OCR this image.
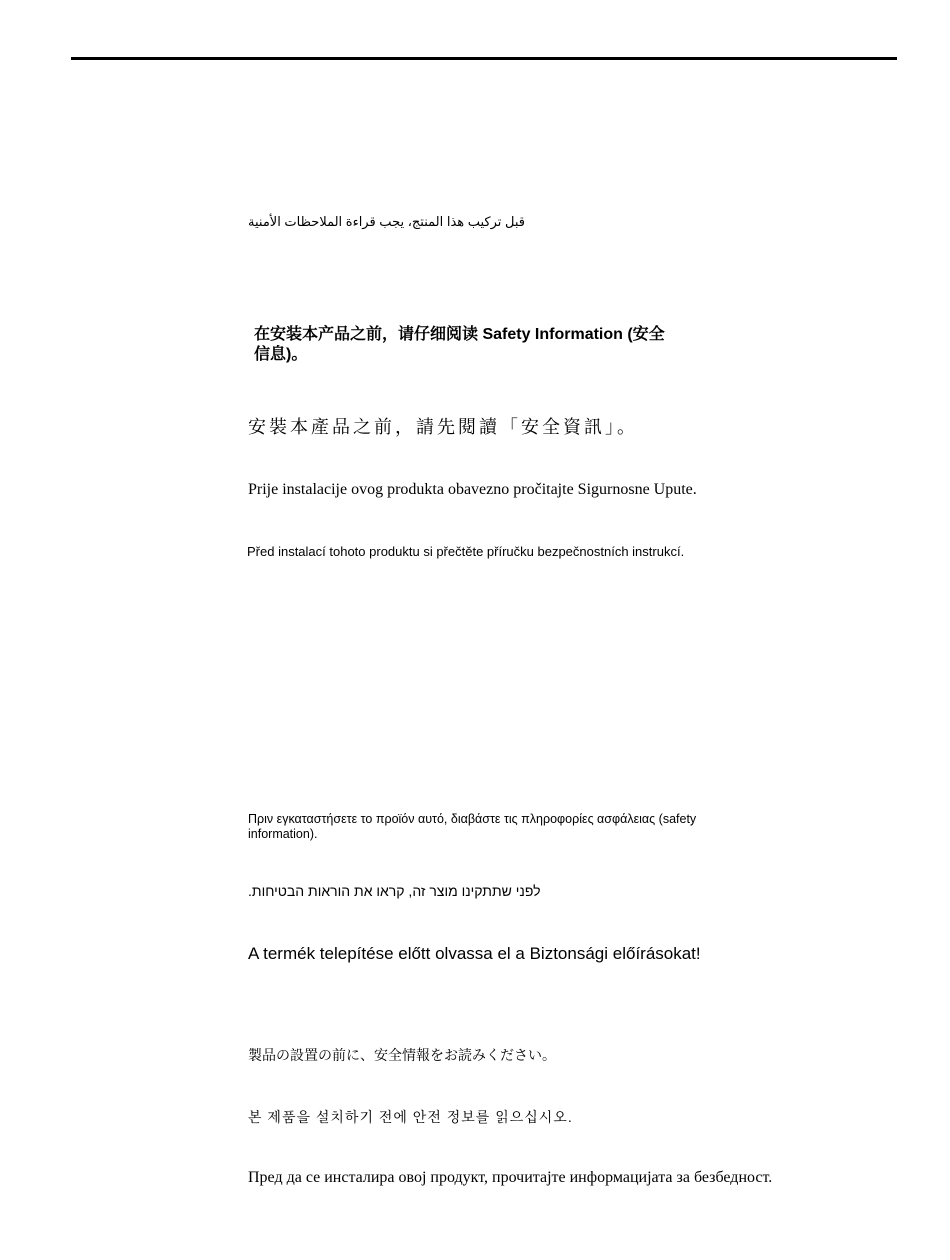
قبل تركيب هذا المنتج، يجب قراءة الملاحظات الأمنية

在安装本产品之前，请仔细阅读 Safety Information (安全信息)。

安裝本產品之前，請先閱讀「安全資訊」。

Prije instalacije ovog produkta obavezno pročitajte Sigurnosne Upute.

Před instalací tohoto produktu si přečtěte příručku bezpečnostních instrukcí.

Πριν εγκαταστήσετε το προϊόν αυτό, διαβάστε τις πληροφορίες ασφάλειας (safety information).

לפני שתתקינו מוצר זה, קראו את הוראות הבטיחות.

A termék telepítése előtt olvassa el a Biztonsági előírásokat!

製品の設置の前に、安全情報をお読みください。

본 제품을 설치하기 전에 안전 정보를 읽으십시오.

Пред да се инсталира овој продукт, прочитајте информацијата за безбедност.
